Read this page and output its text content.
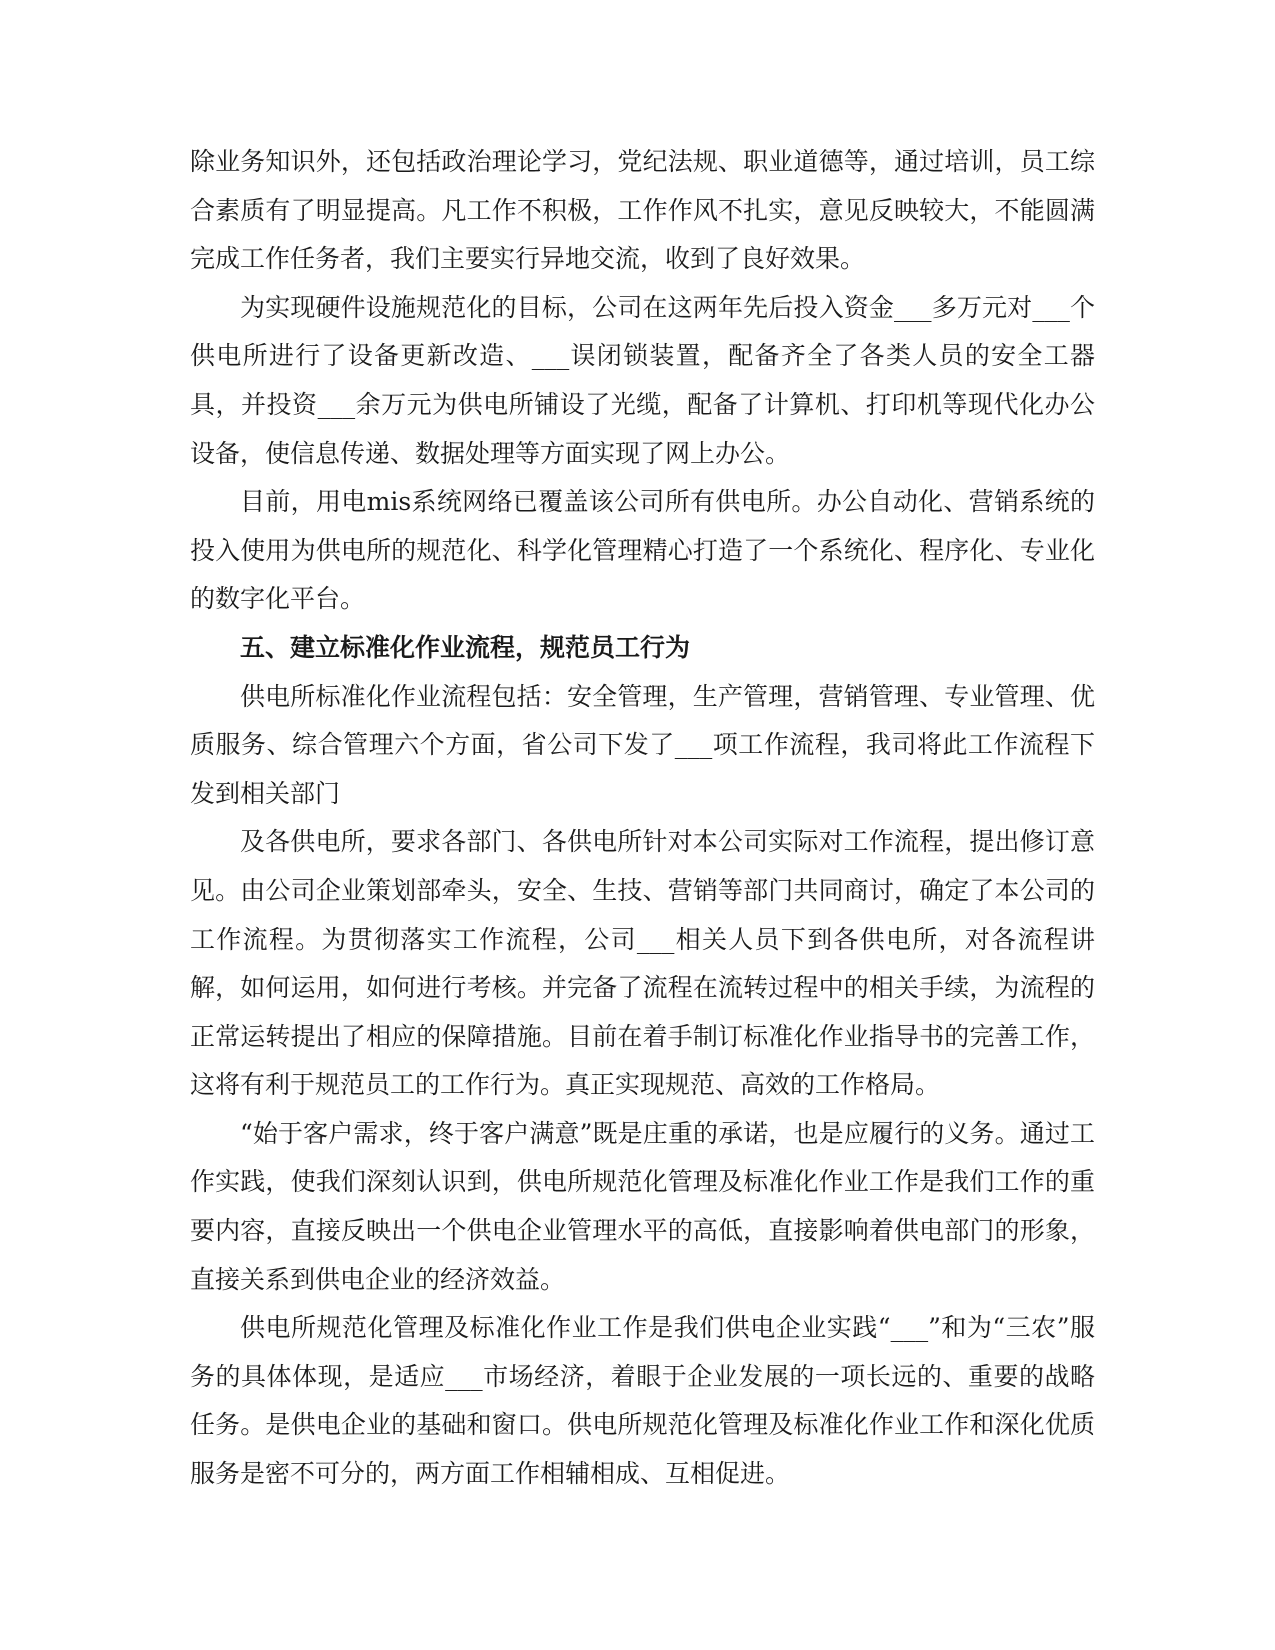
除业务知识外，还包括政治理论学习，党纪法规、职业道德等，通过培训，员工综合素质有了明显提高。凡工作不积极，工作作风不扎实，意见反映较大，不能圆满完成工作任务者，我们主要实行异地交流，收到了良好效果。

为实现硬件设施规范化的目标，公司在这两年先后投入资金___多万元对___个供电所进行了设备更新改造、___误闭锁装置，配备齐全了各类人员的安全工器具，并投资___余万元为供电所铺设了光缆，配备了计算机、打印机等现代化办公设备，使信息传递、数据处理等方面实现了网上办公。

目前，用电mis系统网络已覆盖该公司所有供电所。办公自动化、营销系统的投入使用为供电所的规范化、科学化管理精心打造了一个系统化、程序化、专业化的数字化平台。

五、建立标准化作业流程，规范员工行为

供电所标准化作业流程包括：安全管理，生产管理，营销管理、专业管理、优质服务、综合管理六个方面，省公司下发了___项工作流程，我司将此工作流程下发到相关部门

及各供电所，要求各部门、各供电所针对本公司实际对工作流程，提出修订意见。由公司企业策划部牵头，安全、生技、营销等部门共同商讨，确定了本公司的工作流程。为贯彻落实工作流程，公司___相关人员下到各供电所，对各流程讲解，如何运用，如何进行考核。并完备了流程在流转过程中的相关手续，为流程的正常运转提出了相应的保障措施。目前在着手制订标准化作业指导书的完善工作，这将有利于规范员工的工作行为。真正实现规范、高效的工作格局。

“始于客户需求，终于客户满意”既是庄重的承诺，也是应履行的义务。通过工作实践，使我们深刻认识到，供电所规范化管理及标准化作业工作是我们工作的重要内容，直接反映出一个供电企业管理水平的高低，直接影响着供电部门的形象，直接关系到供电企业的经济效益。

供电所规范化管理及标准化作业工作是我们供电企业实践“___”和为“三农”服务的具体体现，是适应___市场经济，着眼于企业发展的一项长远的、重要的战略任务。是供电企业的基础和窗口。供电所规范化管理及标准化作业工作和深化优质服务是密不可分的，两方面工作相辅相成、互相促进。
